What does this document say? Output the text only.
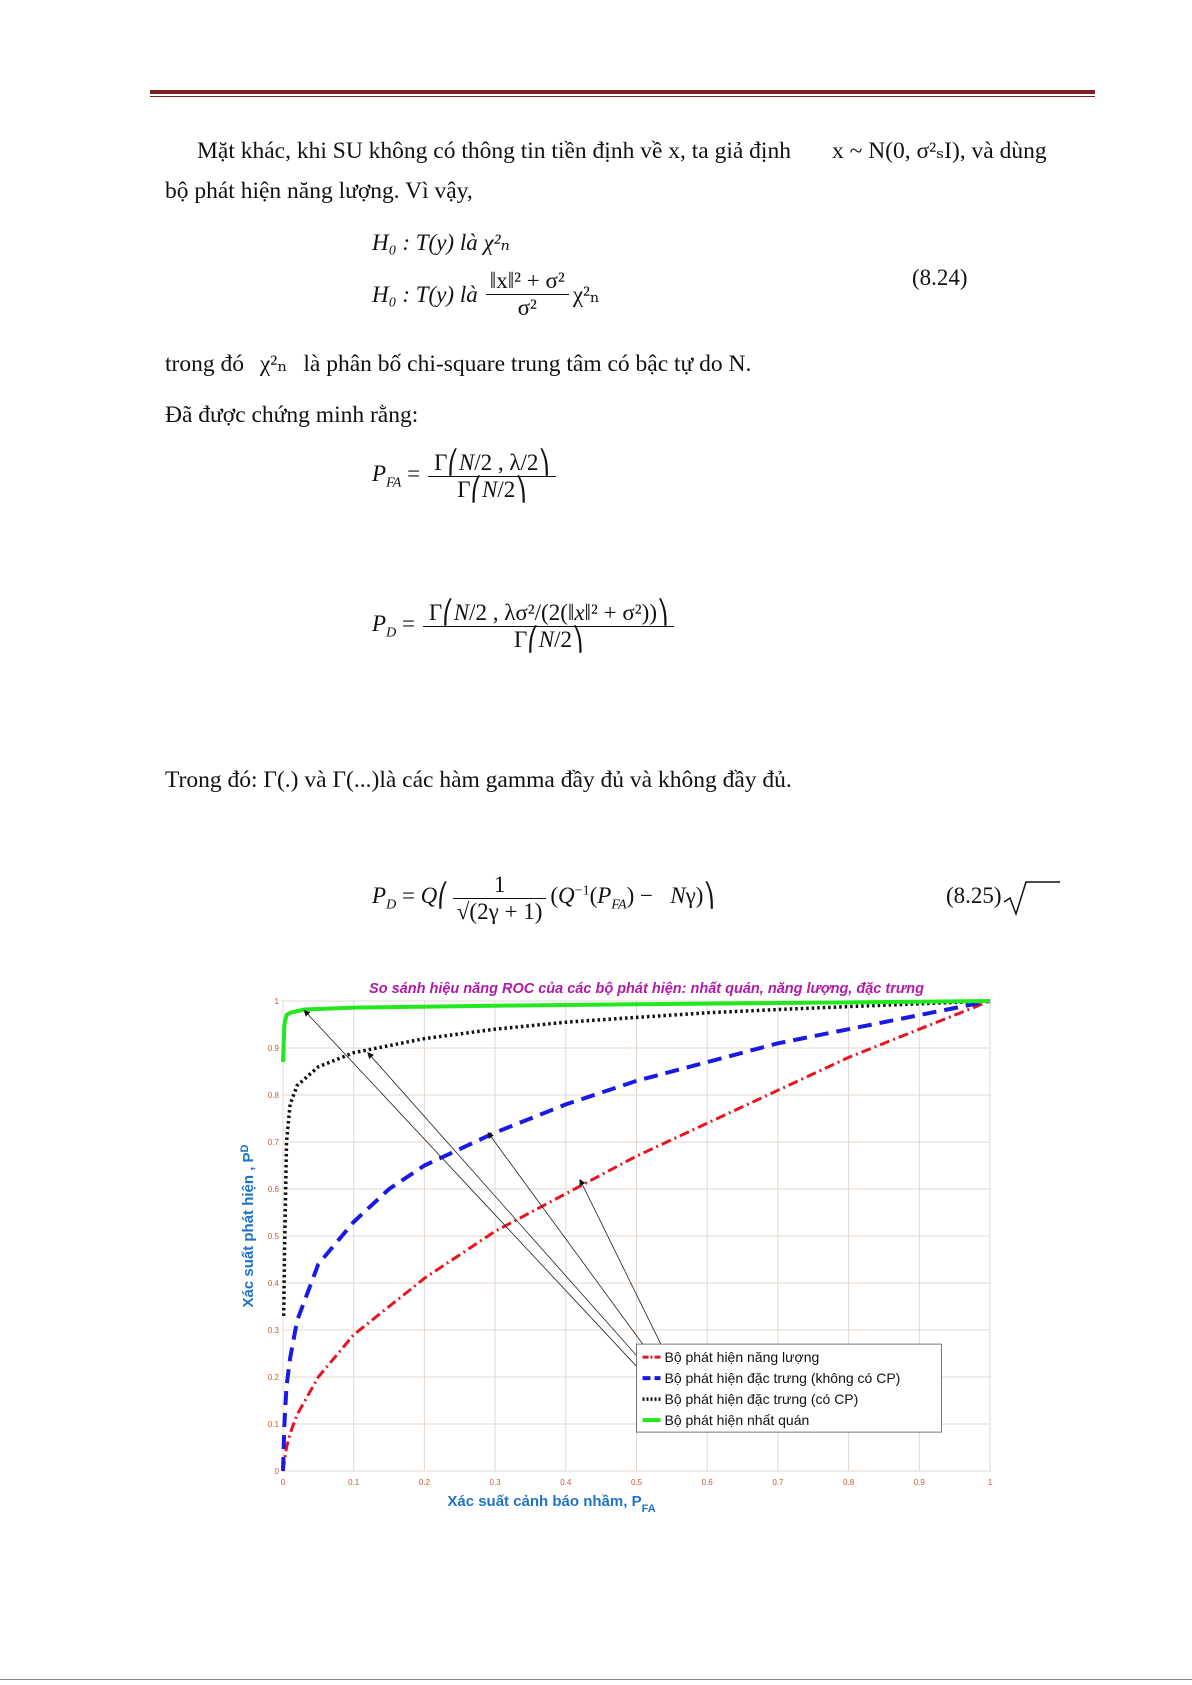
Mặt khác, khi SU không có thông tin tiền định về x, ta giả định x ~ N(0, σ²ₛI), và dùng
bộ phát hiện năng lượng. Vì vậy,
H₀ : T(y) là χ²ₙ
H₀ : T(y) là $\frac{\text{‖x‖² + σ²}}{\text{σ²}} \chi^2_n$
(8.24)
trong đó χ²ₙ là phân bố chi-square trung tâm có bậc tự do N.
Đã được chứng minh rằng:
$P_{FA} = \frac{\Gamma⎛N/2 , \lambda/2⎞}{\Gamma⎛N/2⎞}$
$P_D = \frac{\text{Γ⎛N/2 , λσ²/(2(‖x‖² + σ²))⎞}}{\Gamma⎛N/2⎞}$
Trong đó: Γ(.) và Γ(...)là các hàm gamma đầy đủ và không đầy đủ.
$P_D$ = Q⎛ $\frac{1}{√(2\gamma + 1)} (Q^{-1}(P_{FA})$ −   Nγ)⎞	(8.25)
0	0.1	0.2	0.3	0.4	0.5	0.6	0.7	0.8	0.9	1
0
0.1
0.2
0.3
0.4
0.5
0.6
0.7
0.8
0.9
1
So sánh hiệu năng ROC của các bộ phát hiện: nhất quán, năng lượng, đặc trưng
Xác suất cảnh báo nhầm, $P_{FA}$
Xác suất phát hiện , $P^D$
Bộ phát hiện năng lượng
Bộ phát hiện đặc trưng (không có CP)
Bộ phát hiện đặc trưng (có CP)
Bộ phát hiện nhất quán
